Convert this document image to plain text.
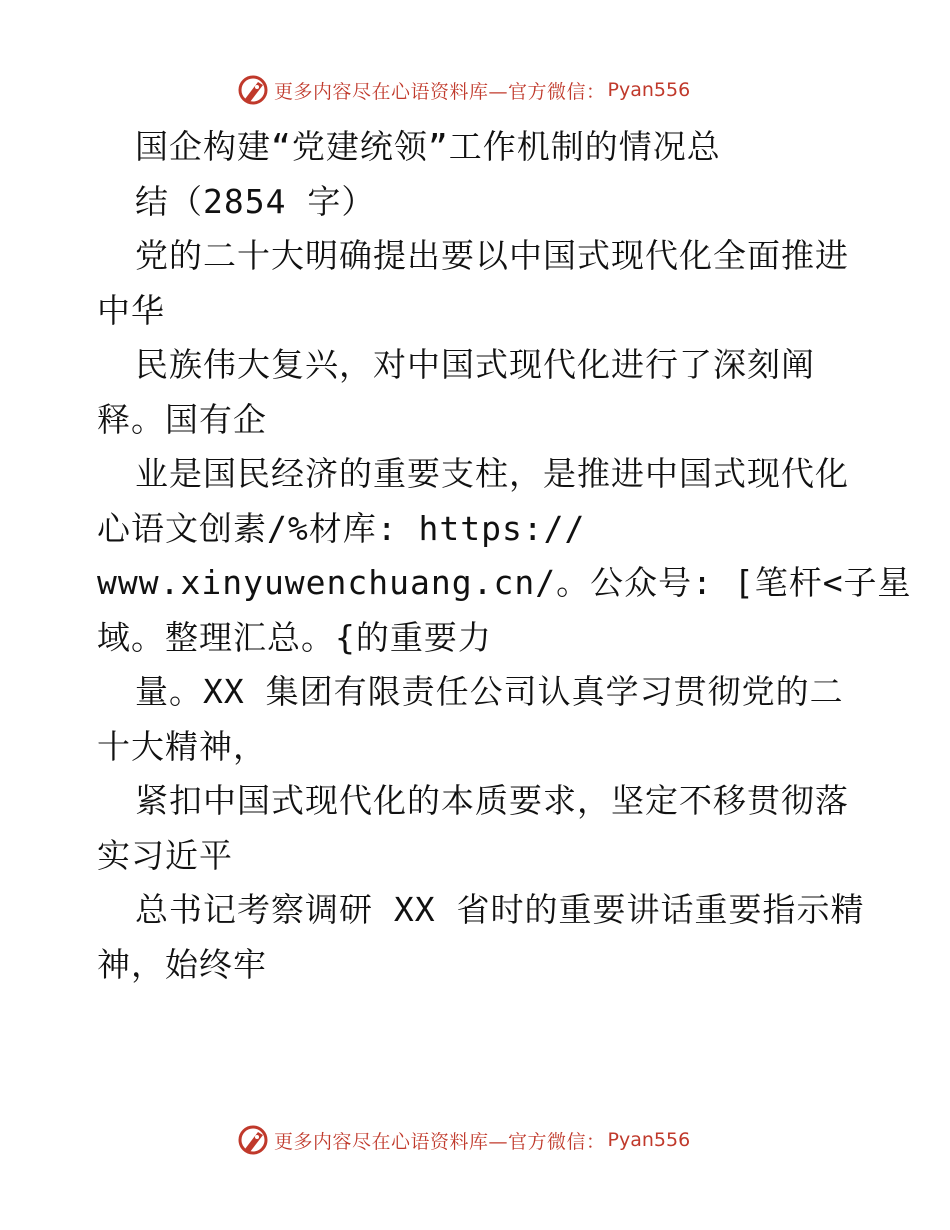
更多内容尽在心语资料库—官方微信： Pyan556
国企构建“党建统领”工作机制的情况总
结（2854 字）
党的二十大明确提出要以中国式现代化全面推进
中华
民族伟大复兴，对中国式现代化进行了深刻阐
释。国有企
业是国民经济的重要支柱，是推进中国式现代化
心语文创素/%材库: https://
www.xinyuwenchuang.cn/。公众号: [笔杆<子星
域。整理汇总。{的重要力
量。XX 集团有限责任公司认真学习贯彻党的二
十大精神，
紧扣中国式现代化的本质要求，坚定不移贯彻落
实习近平
总书记考察调研 XX 省时的重要讲话重要指示精
神，始终牢
更多内容尽在心语资料库—官方微信： Pyan556
